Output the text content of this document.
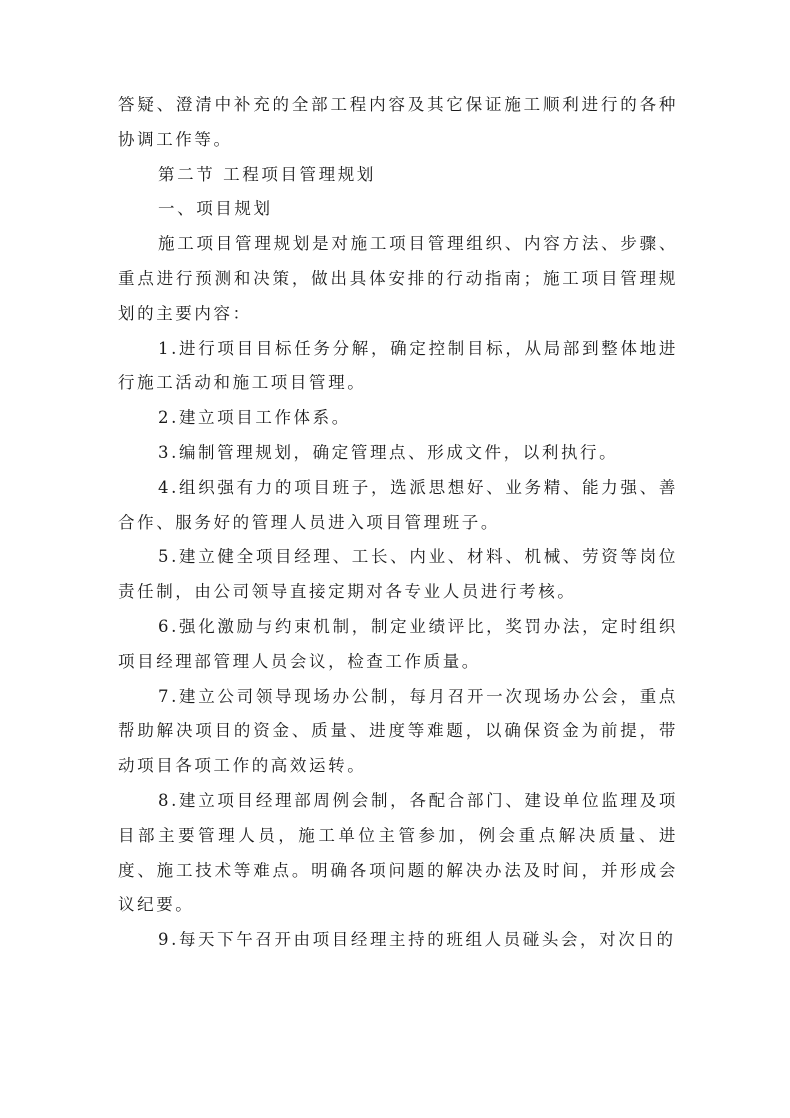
答疑、澄清中补充的全部工程内容及其它保证施工顺利进行的各种协调工作等。

第二节 工程项目管理规划

一、项目规划

施工项目管理规划是对施工项目管理组织、内容方法、步骤、重点进行预测和决策，做出具体安排的行动指南；施工项目管理规划的主要内容：

1.进行项目目标任务分解，确定控制目标，从局部到整体地进行施工活动和施工项目管理。

2.建立项目工作体系。

3.编制管理规划，确定管理点、形成文件，以利执行。

4.组织强有力的项目班子，选派思想好、业务精、能力强、善合作、服务好的管理人员进入项目管理班子。

5.建立健全项目经理、工长、内业、材料、机械、劳资等岗位责任制，由公司领导直接定期对各专业人员进行考核。

6.强化激励与约束机制，制定业绩评比，奖罚办法，定时组织项目经理部管理人员会议，检查工作质量。

7.建立公司领导现场办公制，每月召开一次现场办公会，重点帮助解决项目的资金、质量、进度等难题，以确保资金为前提，带动项目各项工作的高效运转。

8.建立项目经理部周例会制，各配合部门、建设单位监理及项目部主要管理人员，施工单位主管参加，例会重点解决质量、进度、施工技术等难点。明确各项问题的解决办法及时间，并形成会议纪要。

9.每天下午召开由项目经理主持的班组人员碰头会，对次日的
